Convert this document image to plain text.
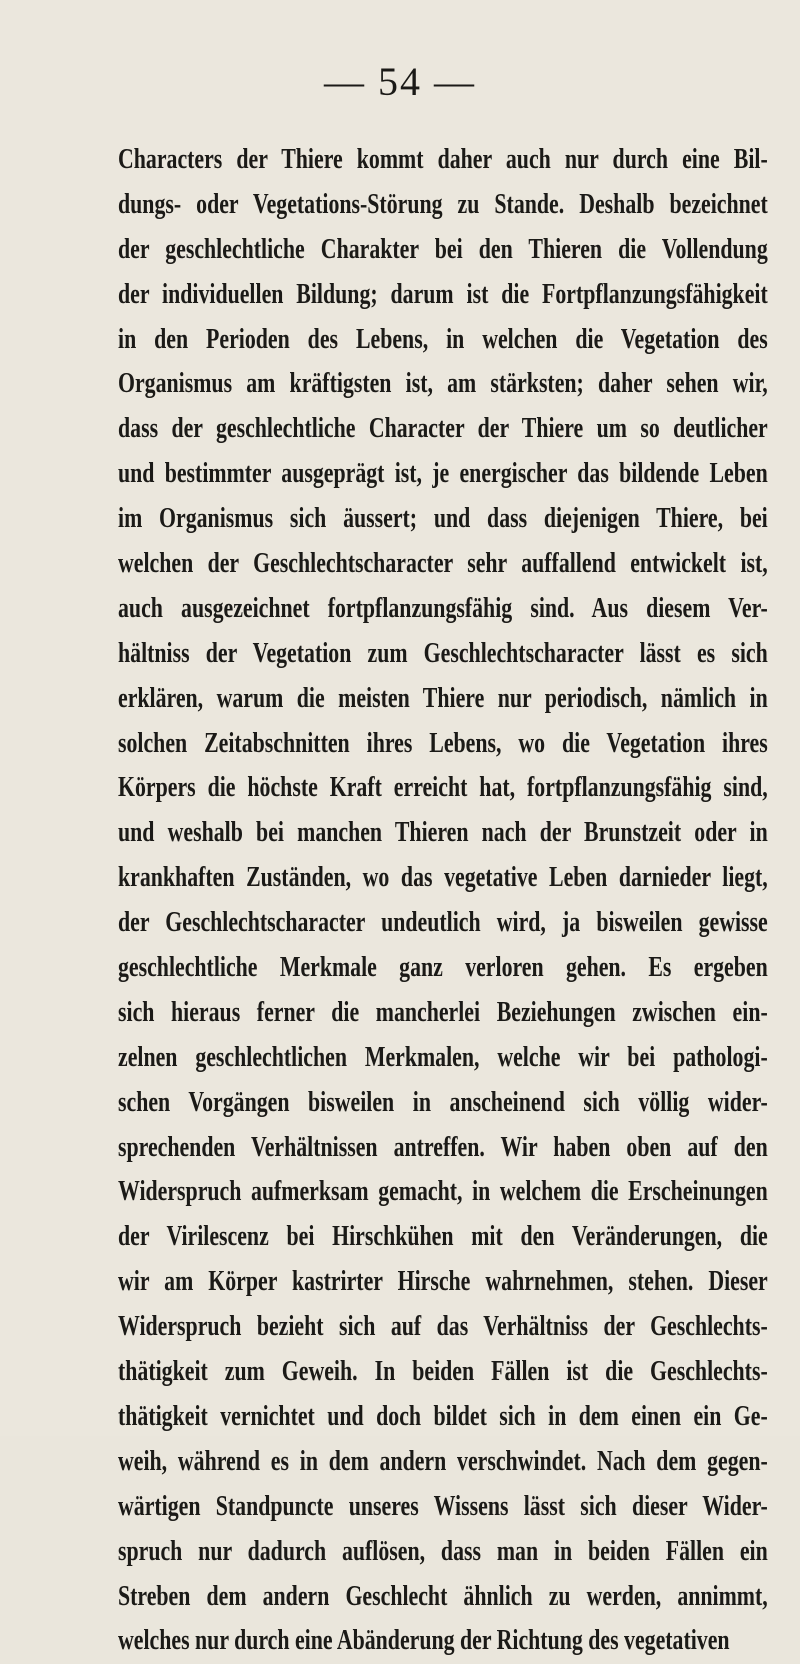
— 54 —
Characters der Thiere kommt daher auch nur durch eine Bil-
dungs- oder Vegetations-Störung zu Stande. Deshalb bezeichnet
der geschlechtliche Charakter bei den Thieren die Vollendung
der individuellen Bildung; darum ist die Fortpflanzungsfähigkeit
in den Perioden des Lebens, in welchen die Vegetation des
Organismus am kräftigsten ist, am stärksten; daher sehen wir,
dass der geschlechtliche Character der Thiere um so deutlicher
und bestimmter ausgeprägt ist, je energischer das bildende Leben
im Organismus sich äussert; und dass diejenigen Thiere, bei
welchen der Geschlechtscharacter sehr auffallend entwickelt ist,
auch ausgezeichnet fortpflanzungsfähig sind. Aus diesem Ver-
hältniss der Vegetation zum Geschlechtscharacter lässt es sich
erklären, warum die meisten Thiere nur periodisch, nämlich in
solchen Zeitabschnitten ihres Lebens, wo die Vegetation ihres
Körpers die höchste Kraft erreicht hat, fortpflanzungsfähig sind,
und weshalb bei manchen Thieren nach der Brunstzeit oder in
krankhaften Zuständen, wo das vegetative Leben darnieder liegt,
der Geschlechtscharacter undeutlich wird, ja bisweilen gewisse
geschlechtliche Merkmale ganz verloren gehen. Es ergeben
sich hieraus ferner die mancherlei Beziehungen zwischen ein-
zelnen geschlechtlichen Merkmalen, welche wir bei pathologi-
schen Vorgängen bisweilen in anscheinend sich völlig wider-
sprechenden Verhältnissen antreffen. Wir haben oben auf den
Widerspruch aufmerksam gemacht, in welchem die Erscheinungen
der Virilescenz bei Hirschkühen mit den Veränderungen, die
wir am Körper kastrirter Hirsche wahrnehmen, stehen. Dieser
Widerspruch bezieht sich auf das Verhältniss der Geschlechts-
thätigkeit zum Geweih. In beiden Fällen ist die Geschlechts-
thätigkeit vernichtet und doch bildet sich in dem einen ein Ge-
weih, während es in dem andern verschwindet. Nach dem gegen-
wärtigen Standpuncte unseres Wissens lässt sich dieser Wider-
spruch nur dadurch auflösen, dass man in beiden Fällen ein
Streben dem andern Geschlecht ähnlich zu werden, annimmt,
welches nur durch eine Abänderung der Richtung des vegetativen
